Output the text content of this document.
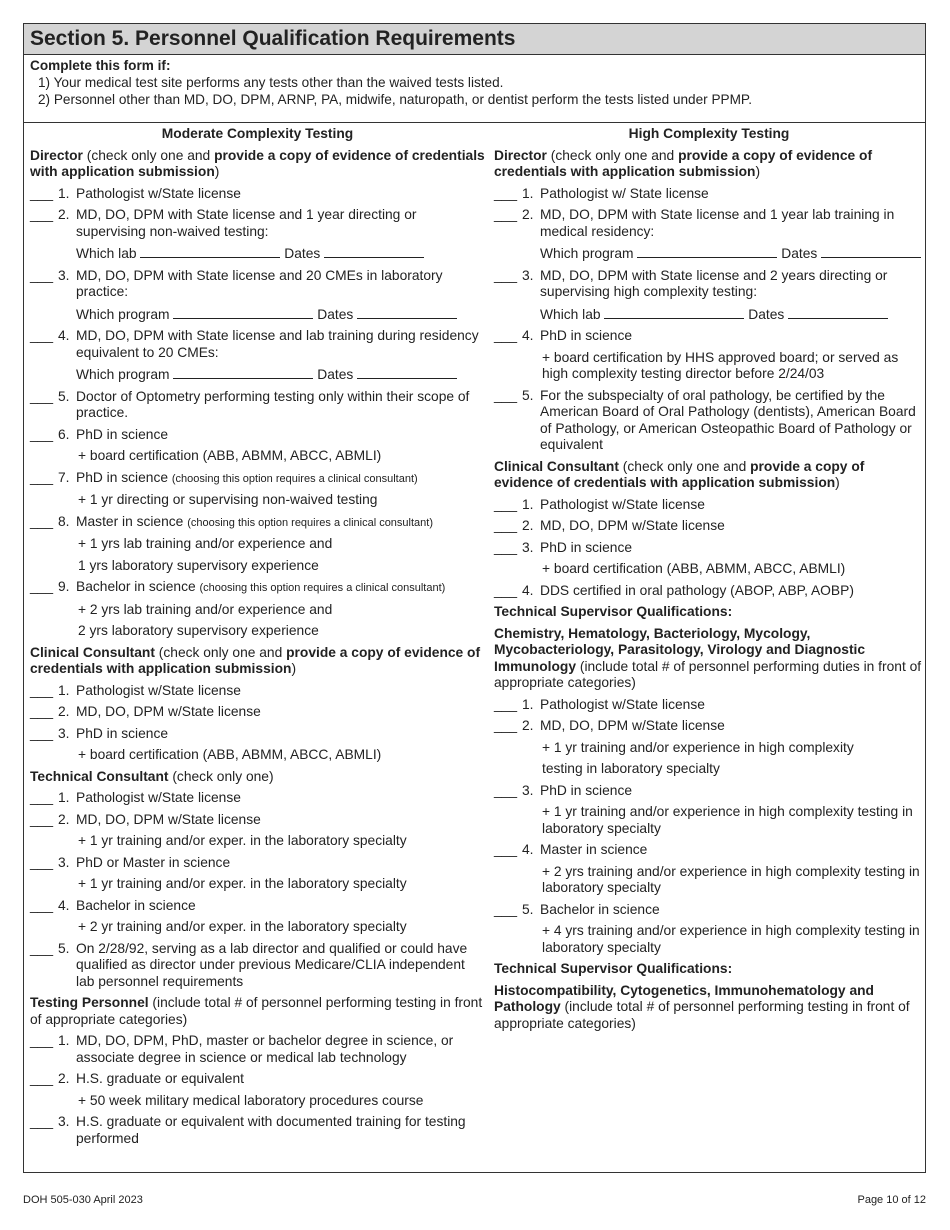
Section 5. Personnel Qualification Requirements
Complete this form if:
1) Your medical test site performs any tests other than the waived tests listed.
2) Personnel other than MD, DO, DPM, ARNP, PA, midwife, naturopath, or dentist perform the tests listed under PPMP.
Moderate Complexity Testing
Director (check only one and provide a copy of evidence of credentials with application submission)
___ 1. Pathologist w/State license
___ 2. MD, DO, DPM with State license and 1 year directing or supervising non-waived testing:
Which lab	Dates
___ 3. MD, DO, DPM with State license and 20 CMEs in laboratory practice:
Which program	Dates
___ 4. MD, DO, DPM with State license and lab training during residency equivalent to 20 CMEs:
Which program	Dates
___ 5. Doctor of Optometry performing testing only within their scope of practice.
___ 6. PhD in science
+ board certification (ABB, ABMM, ABCC, ABMLI)
___ 7. PhD in science (choosing this option requires a clinical consultant)
+ 1 yr directing or supervising non-waived testing
___ 8. Master in science (choosing this option requires a clinical consultant)
+ 1 yrs lab training and/or experience and
1 yrs laboratory supervisory experience
___ 9. Bachelor in science (choosing this option requires a clinical consultant)
+ 2 yrs lab training and/or experience and
2 yrs laboratory supervisory experience
Clinical Consultant (check only one and provide a copy of evidence of credentials with application submission)
___ 1. Pathologist w/State license
___ 2. MD, DO, DPM w/State license
___ 3. PhD in science
+ board certification (ABB, ABMM, ABCC, ABMLI)
Technical Consultant (check only one)
___ 1. Pathologist w/State license
___ 2. MD, DO, DPM w/State license
+ 1 yr training and/or exper. in the laboratory specialty
___ 3. PhD or Master in science
+ 1 yr training and/or exper. in the laboratory specialty
___ 4. Bachelor in science
+ 2 yr training and/or exper. in the laboratory specialty
___ 5. On 2/28/92, serving as a lab director and qualified or could have qualified as director under previous Medicare/CLIA independent lab personnel requirements
Testing Personnel (include total # of personnel performing testing in front of appropriate categories)
___ 1. MD, DO, DPM, PhD, master or bachelor degree in science, or associate degree in science or medical lab technology
___ 2. H.S. graduate or equivalent
+ 50 week military medical laboratory procedures course
___ 3. H.S. graduate or equivalent with documented training for testing performed
High Complexity Testing
Director (check only one and provide a copy of evidence of credentials with application submission)
___ 1. Pathologist w/ State license
___ 2. MD, DO, DPM with State license and 1 year lab training in medical residency:
Which program	Dates
___ 3. MD, DO, DPM with State license and 2 years directing or supervising high complexity testing:
Which lab	Dates
___ 4. PhD in science
+ board certification by HHS approved board; or served as high complexity testing director before 2/24/03
___ 5. For the subspecialty of oral pathology, be certified by the American Board of Oral Pathology (dentists), American Board of Pathology, or American Osteopathic Board of Pathology or equivalent
Clinical Consultant (check only one and provide a copy of evidence of credentials with application submission)
___ 1. Pathologist w/State license
___ 2. MD, DO, DPM w/State license
___ 3. PhD in science
+ board certification (ABB, ABMM, ABCC, ABMLI)
___ 4. DDS certified in oral pathology (ABOP, ABP, AOBP)
Technical Supervisor Qualifications:
Chemistry, Hematology, Bacteriology, Mycology, Mycobacteriology, Parasitology, Virology and Diagnostic Immunology (include total # of personnel performing duties in front of appropriate categories)
___ 1. Pathologist w/State license
___ 2. MD, DO, DPM w/State license
+ 1 yr training and/or experience in high complexity
testing in laboratory specialty
___ 3. PhD in science
+ 1 yr training and/or experience in high complexity testing in laboratory specialty
___ 4. Master in science
+ 2 yrs training and/or experience in high complexity testing in laboratory specialty
___ 5. Bachelor in science
+ 4 yrs training and/or experience in high complexity testing in laboratory specialty
Technical Supervisor Qualifications:
Histocompatibility, Cytogenetics, Immunohematology and Pathology (include total # of personnel performing testing in front of appropriate categories)
DOH 505-030 April 2023	Page 10 of 12
